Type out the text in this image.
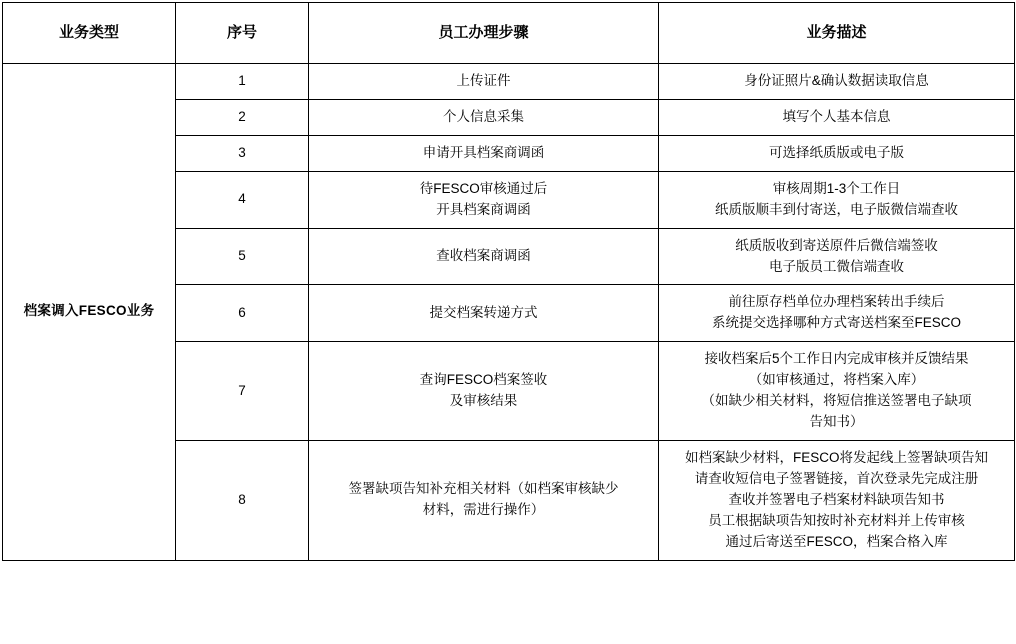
业务类型	序号	员工办理步骤	业务描述
档案调入FESCO业务	1	上传证件	身份证照片&确认数据读取信息

	2	个人信息采集	填写个人基本信息

	3	申请开具档案商调函	可选择纸质版或电子版

	4	待FESCO审核通过后
开具档案商调函	审核周期1-3个工作日
纸质版顺丰到付寄送，电子版微信端查收

	5	查收档案商调函	纸质版收到寄送原件后微信端签收
电子版员工微信端查收

	6	提交档案转递方式	前往原存档单位办理档案转出手续后
系统提交选择哪种方式寄送档案至FESCO

	7	查询FESCO档案签收
及审核结果	接收档案后5个工作日内完成审核并反馈结果
（如审核通过，将档案入库）
（如缺少相关材料，将短信推送签署电子缺项
告知书）

	8	签署缺项告知补充相关材料（如档案审核缺少
材料，需进行操作）	如档案缺少材料，FESCO将发起线上签署缺项告知
请查收短信电子签署链接，首次登录先完成注册
查收并签署电子档案材料缺项告知书
员工根据缺项告知按时补充材料并上传审核
通过后寄送至FESCO，档案合格入库
